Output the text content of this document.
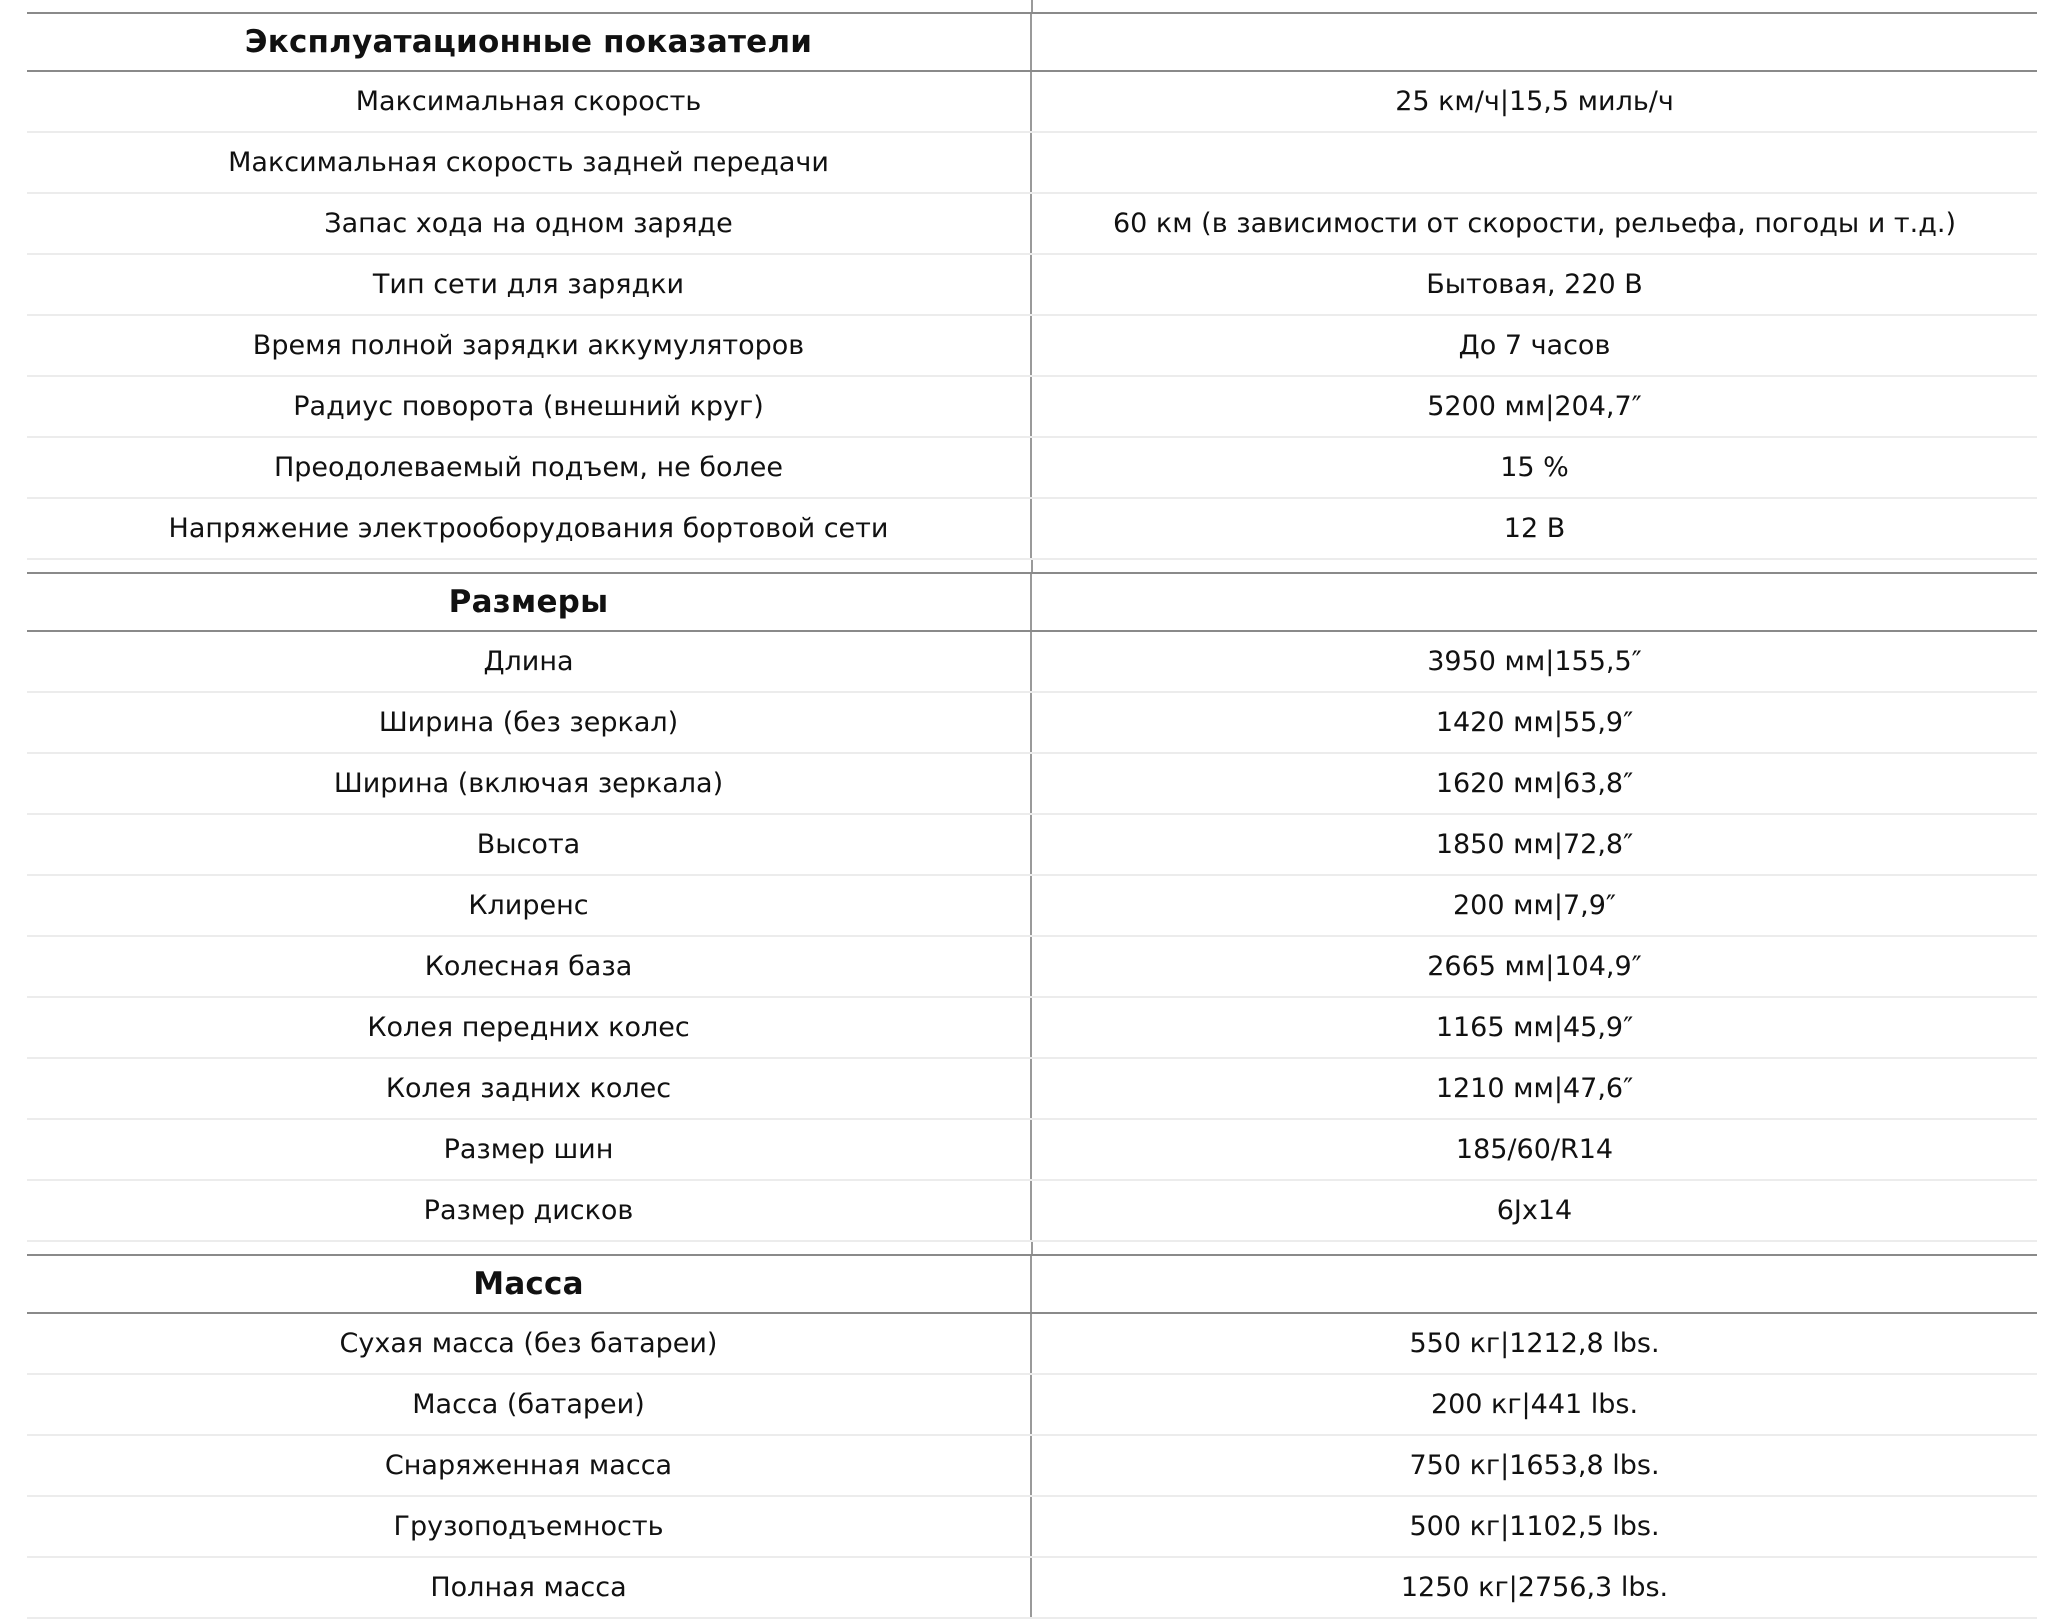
Эксплуатационные показатели
Максимальная скорость	25 км/ч|15,5 миль/ч
Максимальная скорость задней передачи
Запас хода на одном заряде	60 км (в зависимости от скорости, рельефа, погоды и т.д.)
Тип сети для зарядки	Бытовая, 220 В
Время полной зарядки аккумуляторов	До 7 часов
Радиус поворота (внешний круг)	5200 мм|204,7″
Преодолеваемый подъем, не более	15 %
Напряжение электрооборудования бортовой сети	12 В
Размеры
Длина	3950 мм|155,5″
Ширина (без зеркал)	1420 мм|55,9″
Ширина (включая зеркала)	1620 мм|63,8″
Высота	1850 мм|72,8″
Клиренс	200 мм|7,9″
Колесная база	2665 мм|104,9″
Колея передних колес	1165 мм|45,9″
Колея задних колес	1210 мм|47,6″
Размер шин	185/60/R14
Размер дисков	6Jx14
Масса
Сухая масса (без батареи)	550 кг|1212,8 lbs.
Масса (батареи)	200 кг|441 lbs.
Снаряженная масса	750 кг|1653,8 lbs.
Грузоподъемность	500 кг|1102,5 lbs.
Полная масса	1250 кг|2756,3 lbs.
